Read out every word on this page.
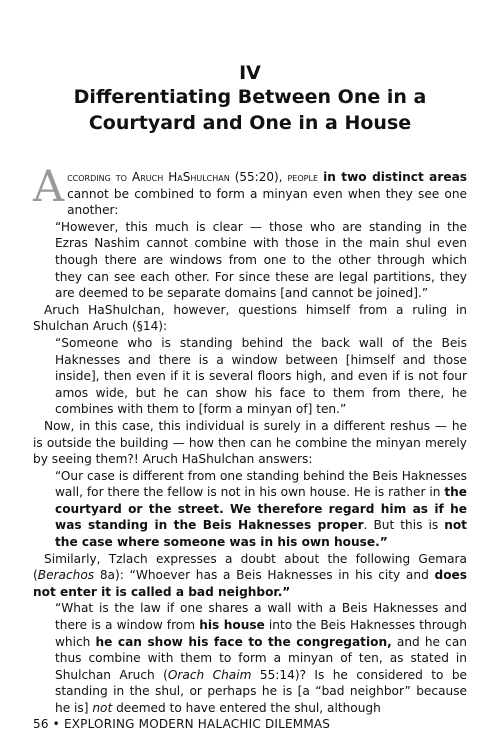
IV
Differentiating Between One in a
Courtyard and One in a House

According to Aruch HaShulchan (55:20), people in two distinct areas cannot be combined to form a minyan even when they see one another:

“However, this much is clear — those who are standing in the Ezras Nashim cannot combine with those in the main shul even though there are windows from one to the other through which they can see each other. For since these are legal partitions, they are deemed to be separate domains [and cannot be joined].”

Aruch HaShulchan, however, questions himself from a ruling in Shulchan Aruch (§14):

“Someone who is standing behind the back wall of the Beis Haknesses and there is a window between [himself and those inside], then even if it is several floors high, and even if is not four amos wide, but he can show his face to them from there, he combines with them to [form a minyan of] ten.”

Now, in this case, this individual is surely in a different reshus — he is outside the building — how then can he combine the minyan merely by seeing them?! Aruch HaShulchan answers:

“Our case is different from one standing behind the Beis Haknesses wall, for there the fellow is not in his own house. He is rather in the courtyard or the street. We therefore regard him as if he was standing in the Beis Haknesses proper. But this is not the case where someone was in his own house.”

Similarly, Tzlach expresses a doubt about the following Gemara (Berachos 8a): “Whoever has a Beis Haknesses in his city and does not enter it is called a bad neighbor.”

“What is the law if one shares a wall with a Beis Haknesses and there is a window from his house into the Beis Haknesses through which he can show his face to the congregation, and he can thus combine with them to form a minyan of ten, as stated in Shulchan Aruch (Orach Chaim 55:14)? Is he considered to be standing in the shul, or perhaps he is [a “bad neighbor” because he is] not deemed to have entered the shul, although

56 • EXPLORING MODERN HALACHIC DILEMMAS
